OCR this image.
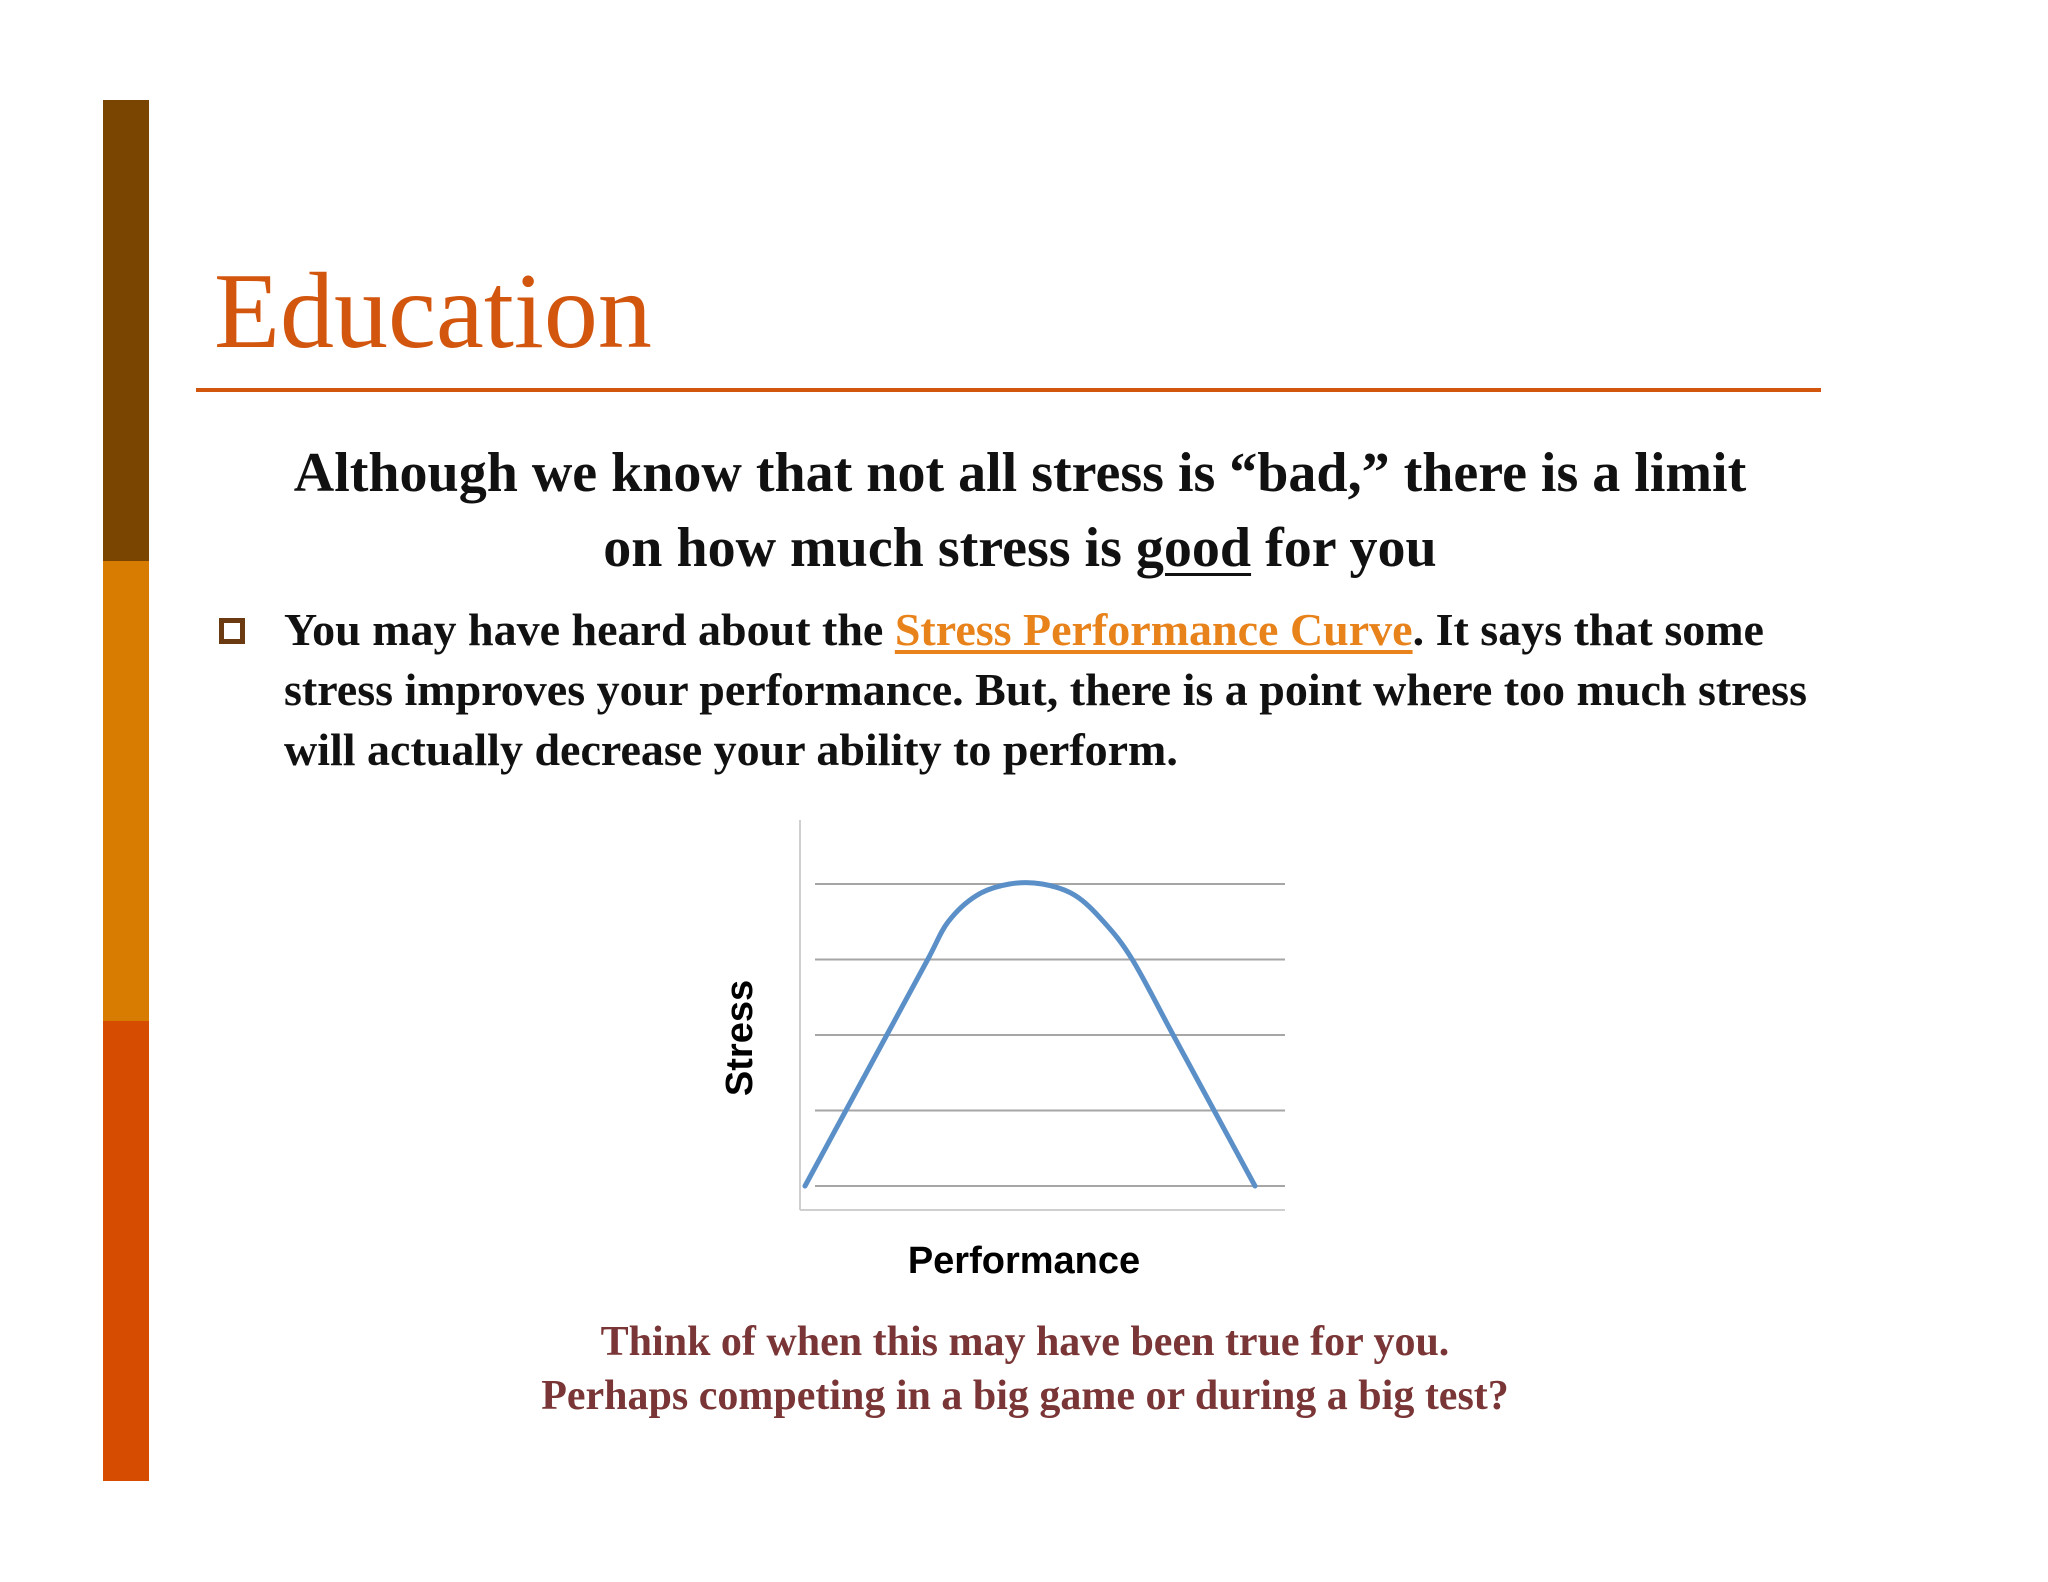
Education
Although we know that not all stress is “bad,” there is a limit
on how much stress is good for you
You may have heard about the Stress Performance Curve. It says that some stress improves your performance. But, there is a point where too much stress will actually decrease your ability to perform.
Stress
Performance
Think of when this may have been true for you.
Perhaps competing in a big game or during a big test?
